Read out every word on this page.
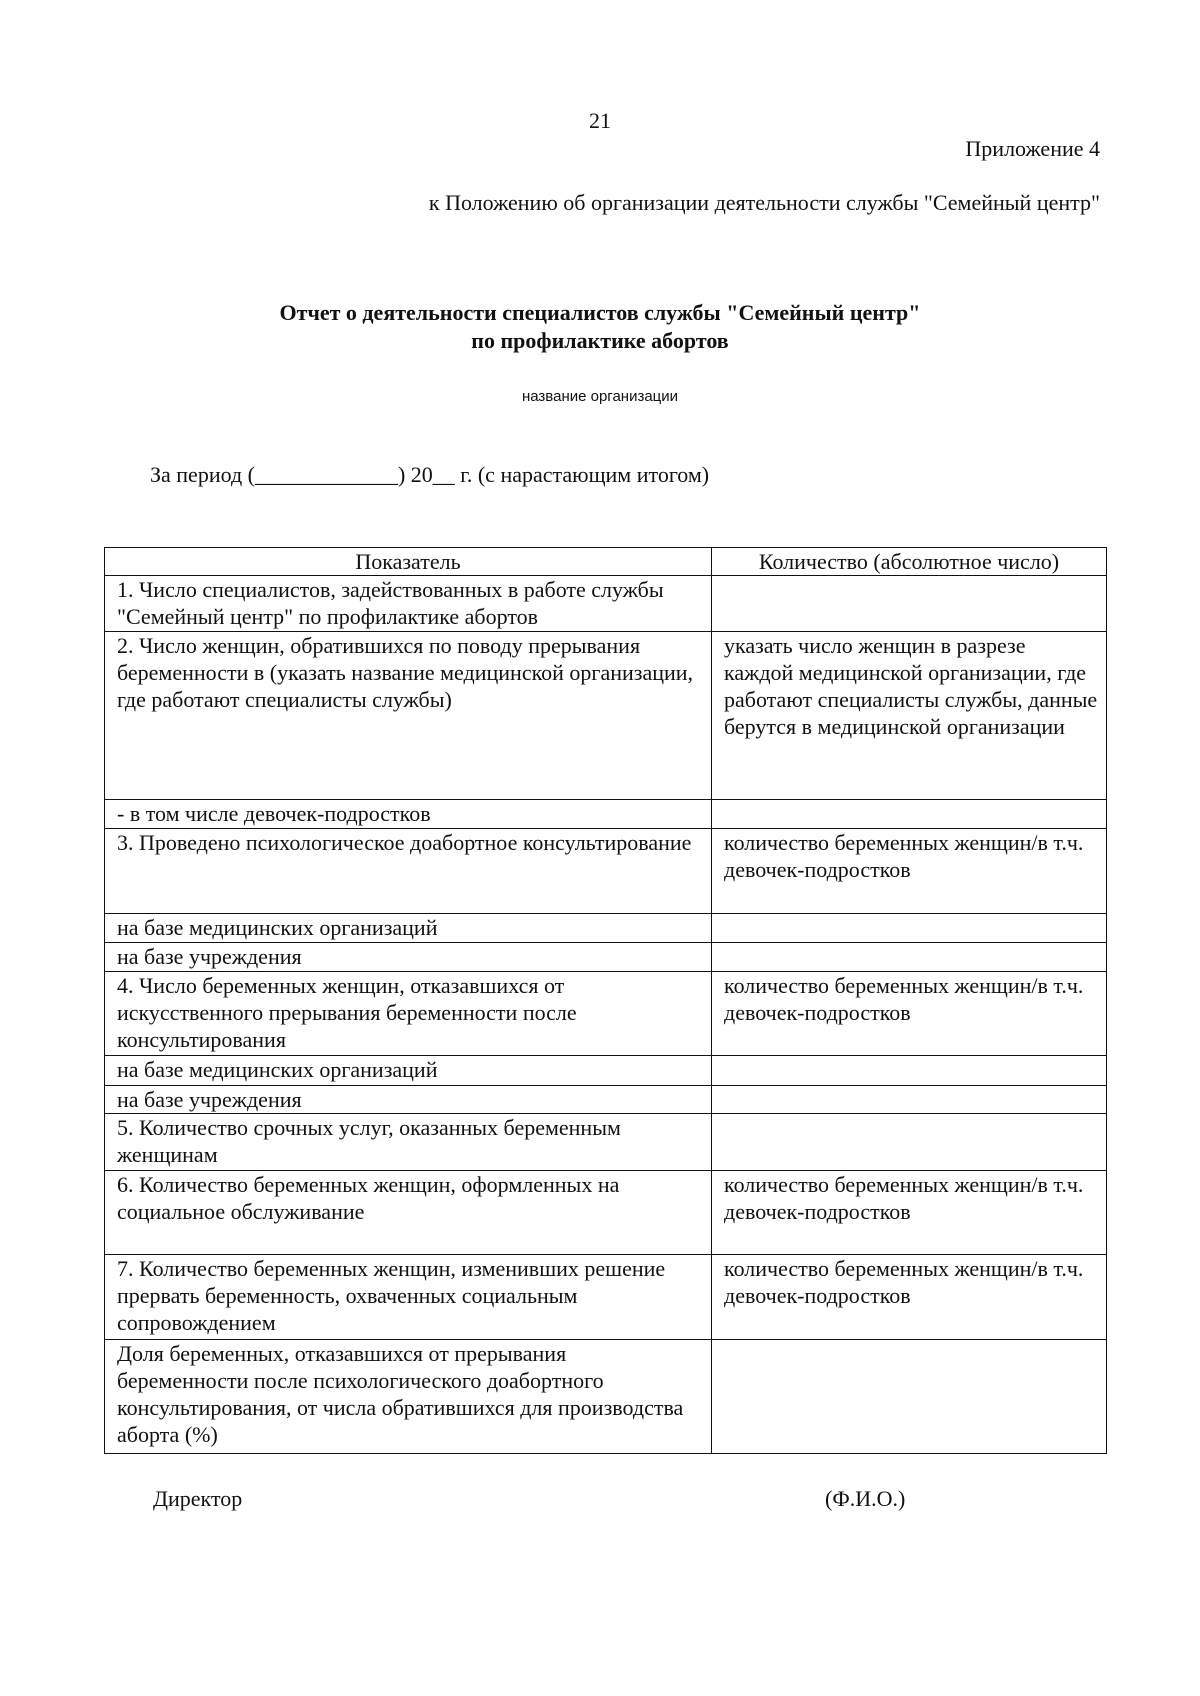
21
Приложение 4
к Положению об организации деятельности службы "Семейный центр"
Отчет о деятельности специалистов службы "Семейный центр"
по профилактике абортов
название организации
За период (_____________) 20__ г. (с нарастающим итогом)
Показатель	Количество (абсолютное число)
1. Число специалистов, задействованных в работе службы "Семейный центр" по профилактике абортов	
2. Число женщин, обратившихся по поводу прерывания беременности в (указать название медицинской организации, где работают специалисты службы)	указать число женщин в разрезе каждой медицинской организации, где работают специалисты службы, данные берутся в медицинской организации
- в том числе девочек-подростков	
3. Проведено психологическое доабортное консультирование	количество беременных женщин/в т.ч. девочек-подростков
на базе медицинских организаций	
на базе учреждения	
4. Число беременных женщин, отказавшихся от искусственного прерывания беременности после консультирования	количество беременных женщин/в т.ч. девочек-подростков
на базе медицинских организаций	
на базе учреждения	
5. Количество срочных услуг, оказанных беременным женщинам	
6. Количество беременных женщин, оформленных на социальное обслуживание	количество беременных женщин/в т.ч. девочек-подростков
7. Количество беременных женщин, изменивших решение прервать беременность, охваченных социальным сопровождением	количество беременных женщин/в т.ч. девочек-подростков
Доля беременных, отказавшихся от прерывания беременности после психологического доабортного консультирования, от числа обратившихся для производства аборта (%)	
Директор	(Ф.И.О.)
